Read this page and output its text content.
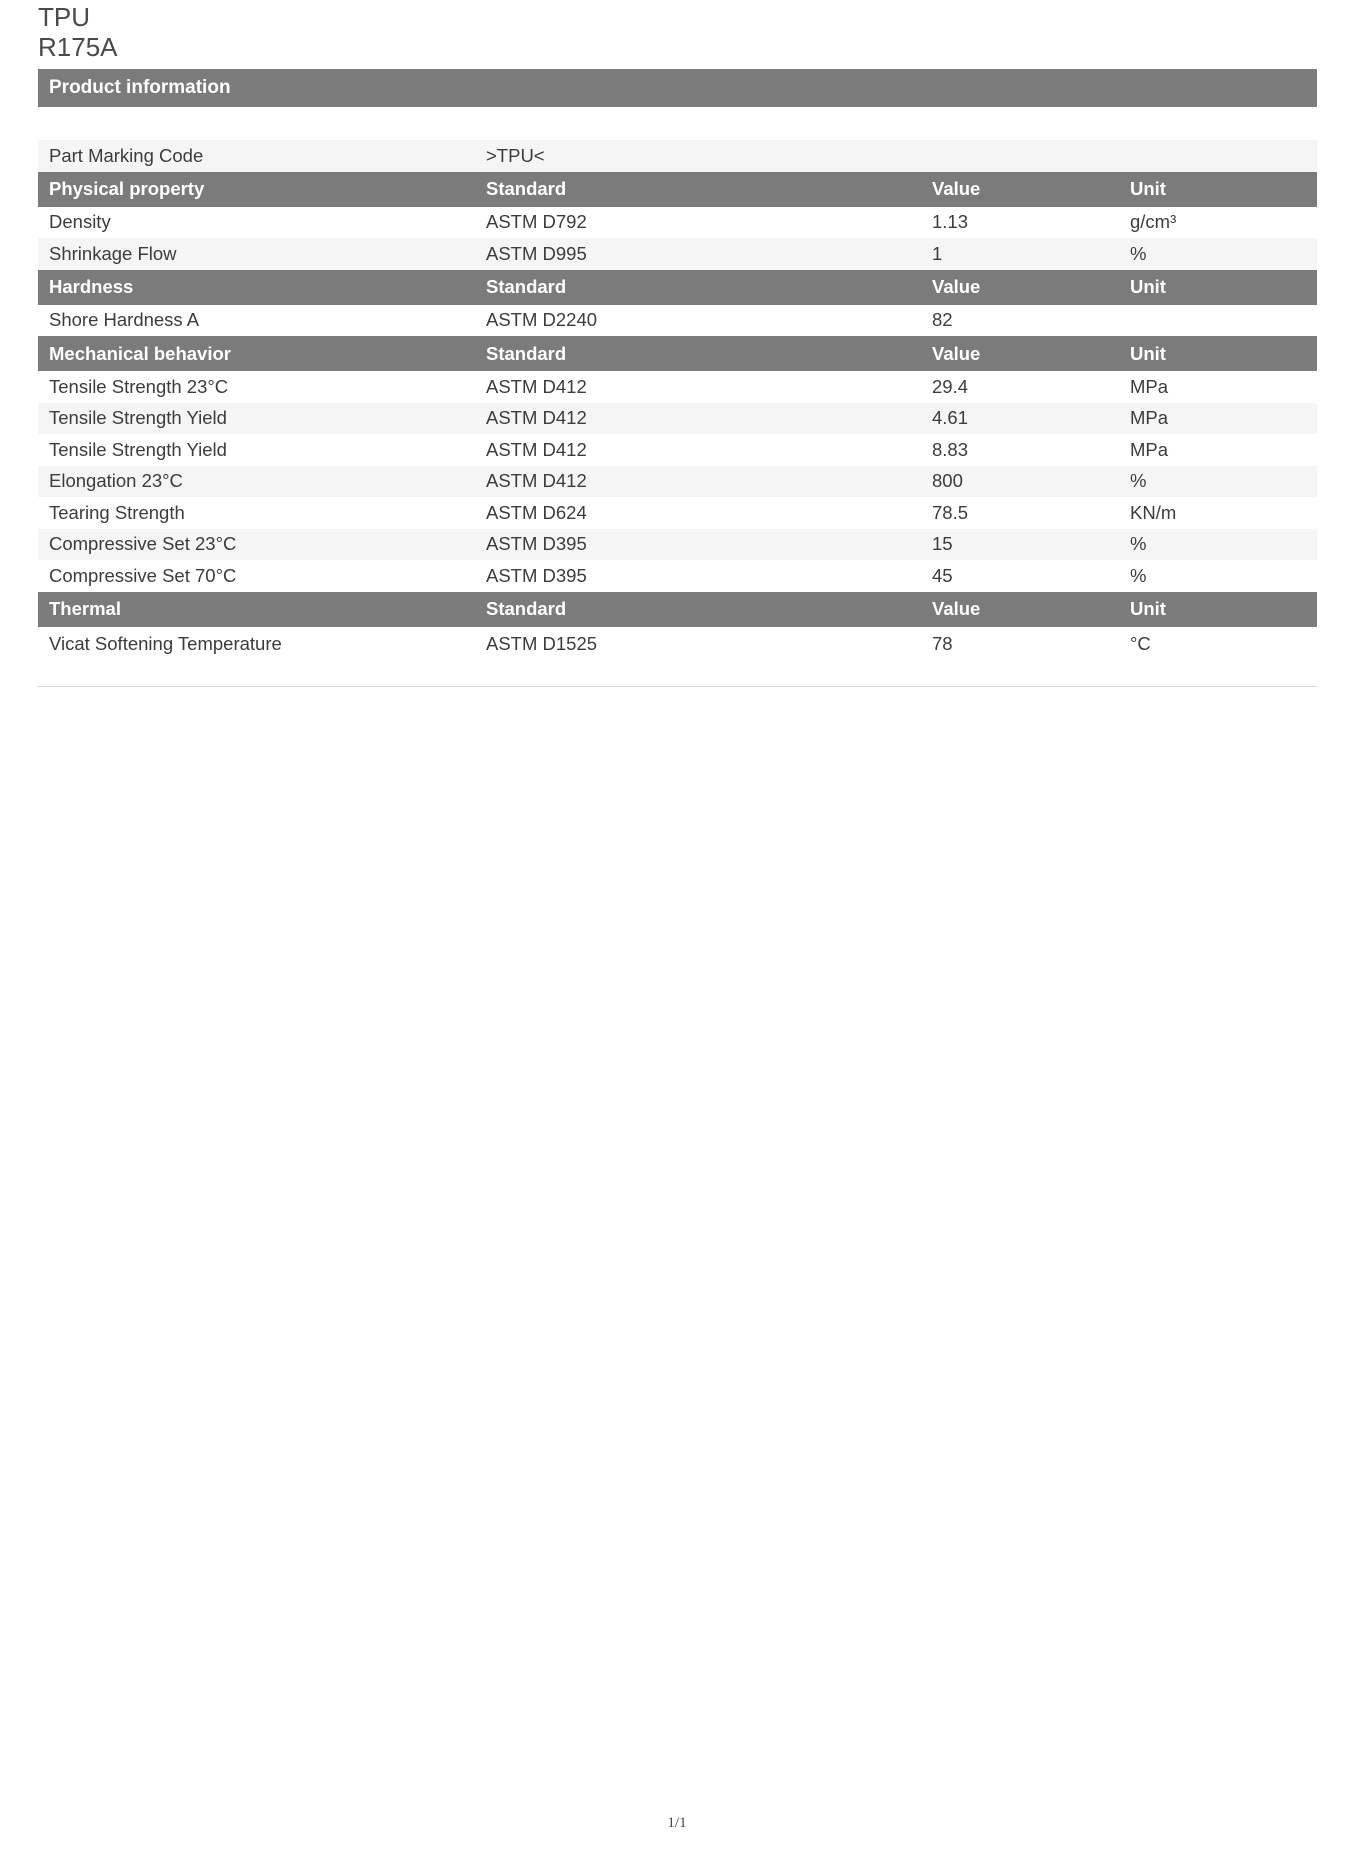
TPU
R175A
Product information
Part Marking Code	>TPU<		
Physical property	Standard	Value	Unit
Density	ASTM D792	1.13	g/cm³
Shrinkage Flow	ASTM D995	1	%
Hardness	Standard	Value	Unit
Shore Hardness A	ASTM D2240	82	
Mechanical behavior	Standard	Value	Unit
Tensile Strength 23°C	ASTM D412	29.4	MPa
Tensile Strength Yield	ASTM D412	4.61	MPa
Tensile Strength Yield	ASTM D412	8.83	MPa
Elongation 23°C	ASTM D412	800	%
Tearing Strength	ASTM D624	78.5	KN/m
Compressive Set 23°C	ASTM D395	15	%
Compressive Set 70°C	ASTM D395	45	%
Thermal	Standard	Value	Unit
Vicat Softening Temperature	ASTM D1525	78	°C
1/1
